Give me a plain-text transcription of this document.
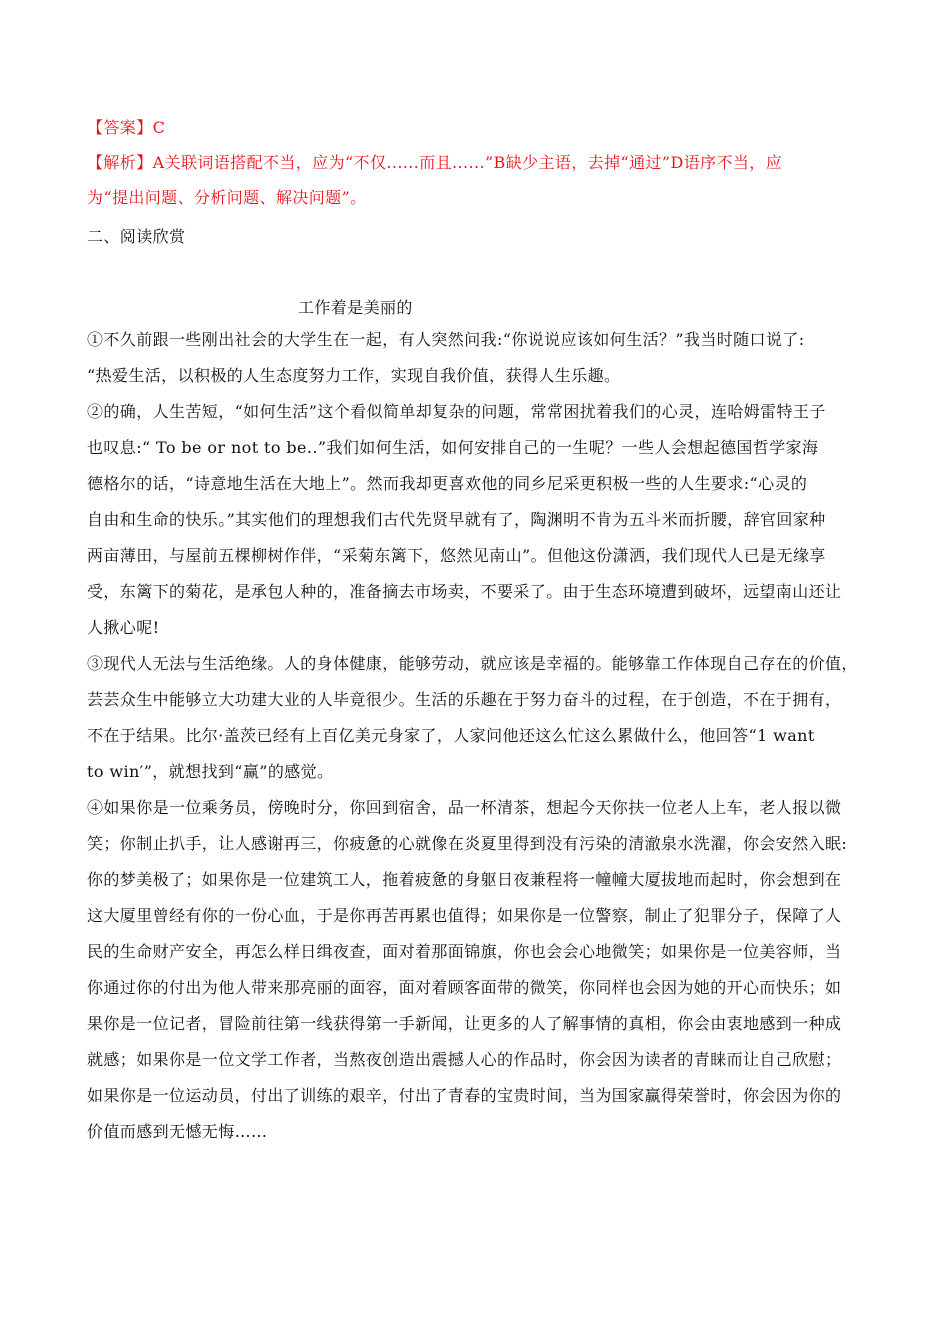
【答案】C
【解析】A关联词语搭配不当，应为“不仅......而且......”B缺少主语，去掉“通过”D语序不当，应
为“提出问题、分析问题、解决问题”。
二、阅读欣赏
工作着是美丽的
①不久前跟一些刚出社会的大学生在一起，有人突然问我:“你说说应该如何生活？”我当时随口说了:
“热爱生活，以积极的人生态度努力工作，实现自我价值，获得人生乐趣。
②的确，人生苦短，“如何生活”这个看似简单却复杂的问题，常常困扰着我们的心灵，连哈姆雷特王子
也叹息:“ To be or not to be..”我们如何生活，如何安排自己的一生呢？一些人会想起德国哲学家海
德格尔的话，“诗意地生活在大地上”。然而我却更喜欢他的同乡尼采更积极一些的人生要求:“心灵的
自由和生命的快乐。”其实他们的理想我们古代先贤早就有了，陶渊明不肯为五斗米而折腰，辞官回家种
两亩薄田，与屋前五棵柳树作伴，“采菊东篱下，悠然见南山”。但他这份潇洒，我们现代人已是无缘享
受，东篱下的菊花，是承包人种的，准备摘去市场卖，不要采了。由于生态环境遭到破坏，远望南山还让
人揪心呢!
③现代人无法与生活绝缘。人的身体健康，能够劳动，就应该是幸福的。能够靠工作体现自己存在的价值，
芸芸众生中能够立大功建大业的人毕竟很少。生活的乐趣在于努力奋斗的过程，在于创造，不在于拥有，
不在于结果。比尔·盖茨已经有上百亿美元身家了，人家问他还这么忙这么累做什么，他回答“1 want
to win′”，就想找到“赢”的感觉。
④如果你是一位乘务员，傍晚时分，你回到宿舍，品一杯清茶，想起今天你扶一位老人上车，老人报以微
笑；你制止扒手，让人感谢再三，你疲惫的心就像在炎夏里得到没有污染的清澈泉水洗濯，你会安然入眠:
你的梦美极了；如果你是一位建筑工人，拖着疲惫的身躯日夜兼程将一幢幢大厦拔地而起时，你会想到在
这大厦里曾经有你的一份心血，于是你再苦再累也值得；如果你是一位警察，制止了犯罪分子，保障了人
民的生命财产安全，再怎么样日缉夜查，面对着那面锦旗，你也会会心地微笑；如果你是一位美容师，当
你通过你的付出为他人带来那亮丽的面容，面对着顾客面带的微笑，你同样也会因为她的开心而快乐；如
果你是一位记者，冒险前往第一线获得第一手新闻，让更多的人了解事情的真相，你会由衷地感到一种成
就感；如果你是一位文学工作者，当熬夜创造出震撼人心的作品时，你会因为读者的青睐而让自己欣慰；
如果你是一位运动员，付出了训练的艰辛，付出了青春的宝贵时间，当为国家赢得荣誉时，你会因为你的
价值而感到无憾无悔……
